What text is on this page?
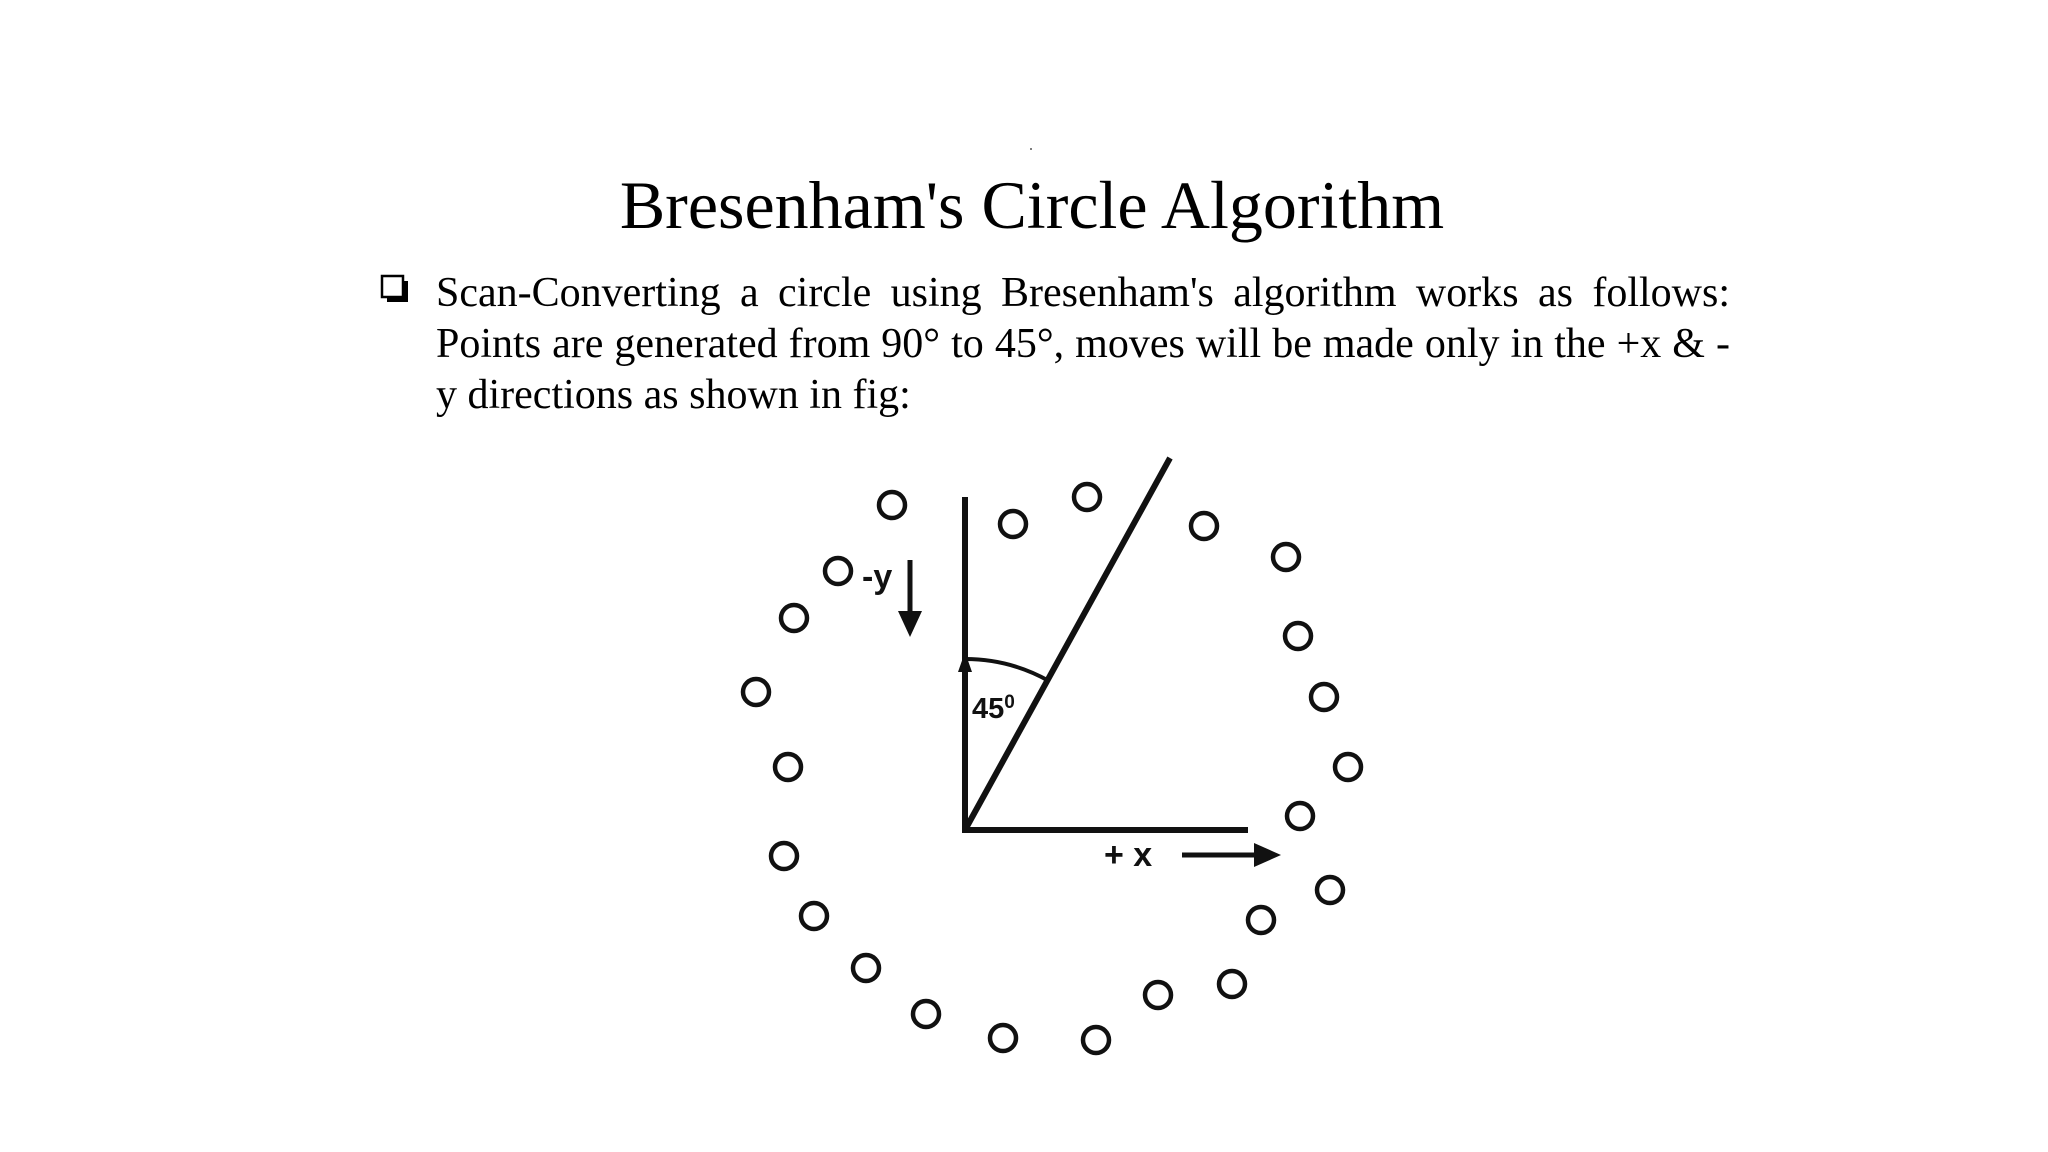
Bresenham's Circle Algorithm
Scan-Converting a circle using Bresenham's algorithm works as follows: Points are generated from 90° to 45°, moves will be made only in the +x & -y directions as shown in fig:
$45^0$
-y
+ x
